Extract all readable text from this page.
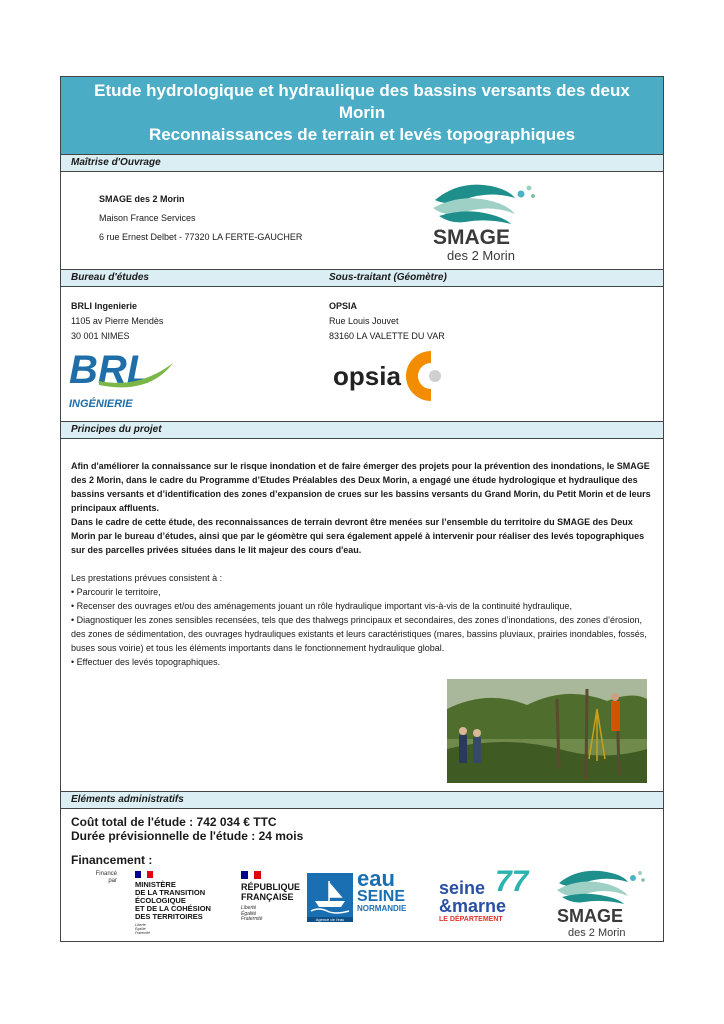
Etude hydrologique et hydraulique des bassins versants des deux
Morin
Reconnaissances de terrain et levés topographiques
Maîtrise d'Ouvrage
SMAGE des 2 Morin
Maison France Services
6 rue Ernest Delbet - 77320 LA FERTE-GAUCHER	SMAGE
des 2 Morin
Bureau d'études	Sous-traitant (Géomètre)
BRLI Ingenierie
1105 av Pierre Mendès
30 001 NIMES
BRL
INGÉNIERIE
OPSIA
Rue Louis Jouvet
83160 LA VALETTE DU VAR
opsia
Principes du projet

Afin d'améliorer la connaissance sur le risque inondation et de faire émerger des projets pour la prévention des inondations, le SMAGE des 2 Morin, dans le cadre du Programme d’Etudes Préalables des Deux Morin, a engagé une étude hydrologique et hydraulique des bassins versants et d’identification des zones d’expansion de crues sur les bassins versants du Grand Morin, du Petit Morin et de leurs principaux affluents.

Dans le cadre de cette étude, des reconnaissances de terrain devront être menées sur l’ensemble du territoire du SMAGE des Deux Morin par le bureau d’études, ainsi que par le géomètre qui sera également appelé à intervenir pour réaliser des levés topographiques sur des parcelles privées situées dans le lit majeur des cours d'eau.

Les prestations prévues consistent à :

• Parcourir le territoire,

• Recenser des ouvrages et/ou des aménagements jouant un rôle hydraulique important vis-à-vis de la continuité hydraulique,

• Diagnostiquer les zones sensibles recensées, tels que des thalwegs principaux et secondaires, des zones d’inondations, des zones d’érosion, des zones de sédimentation, des ouvrages hydrauliques existants et leurs caractéristiques (mares, bassins pluviaux, prairies inondables, fossés, buses sous voirie) et tous les éléments importants dans le fonctionnement hydraulique global.

• Effectuer des levés topographiques.

Eléments administratifs
Coût total de l'étude : 742 034 € TTC
Durée prévisionnelle de l'étude : 24 mois
Financement :
Financé par MINISTÈRE
DE LA TRANSITION
ÉCOLOGIQUE
ET DE LA COHÉSION
DES TERRITOIRES
Liberté
Égalité
Fraternité
RÉPUBLIQUE
FRANÇAISE
Liberté
Égalité
Fraternité	Agence de l'eau
eau
SEINE
NORMANDIE
seine
&marne
LE DÉPARTEMENT
77
SMAGE
des 2 Morin
